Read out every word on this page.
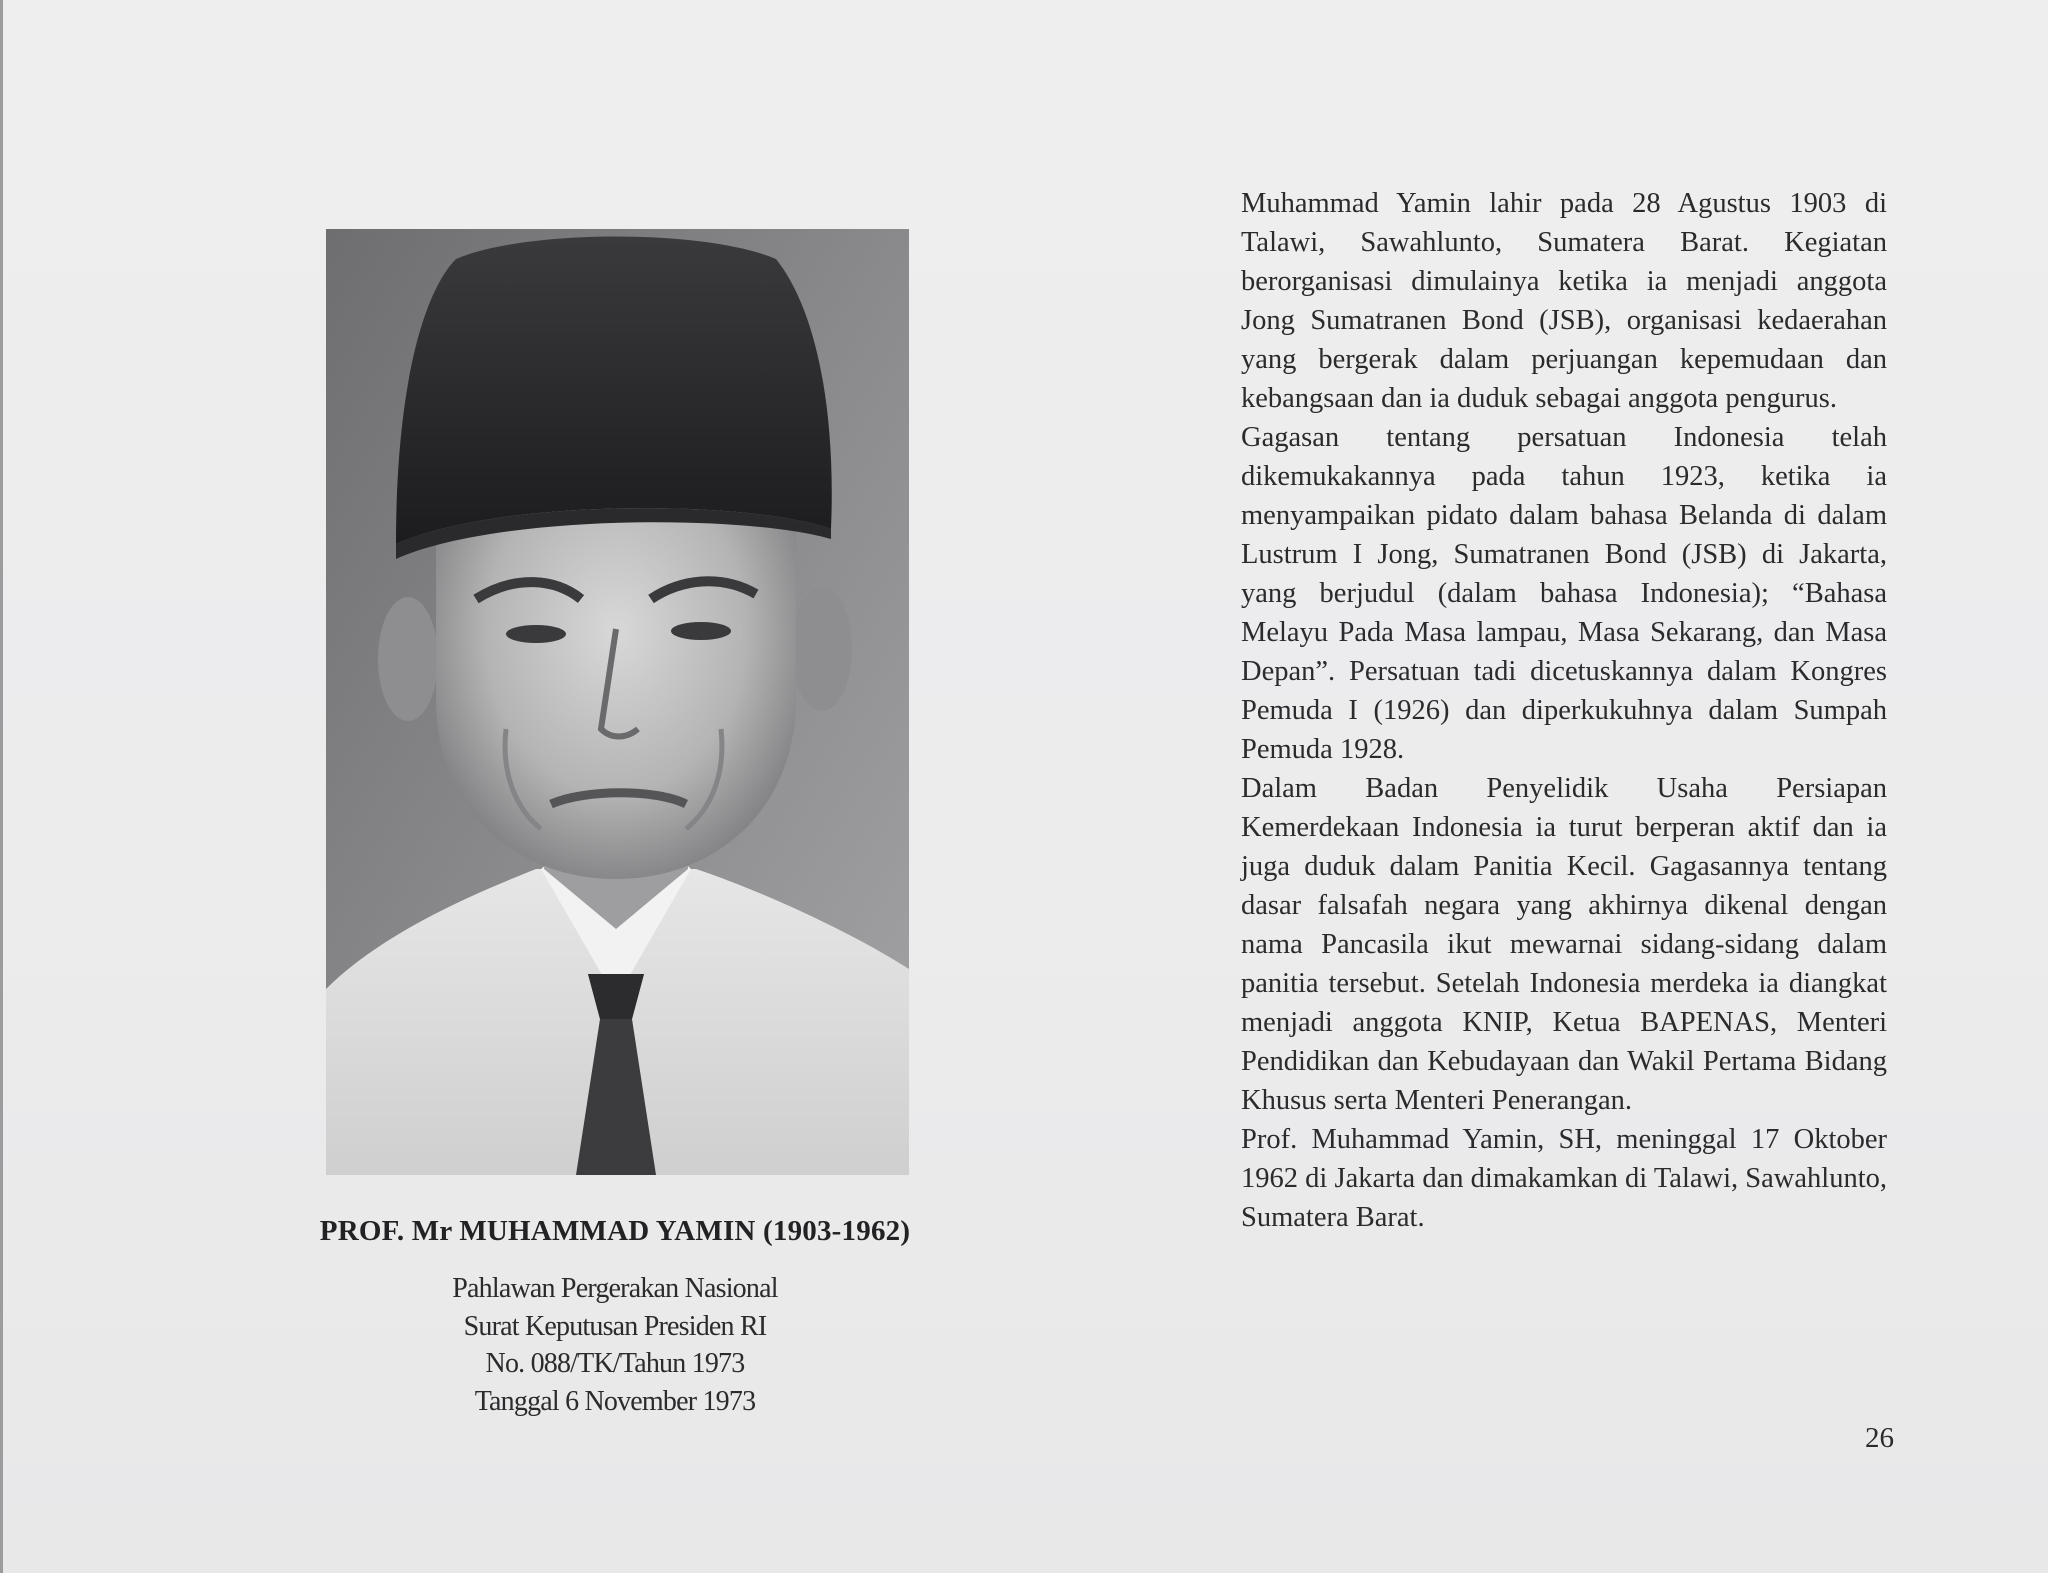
PROF. Mr MUHAMMAD YAMIN (1903-1962)
Pahlawan Pergerakan Nasional
Surat Keputusan Presiden RI
No. 088/TK/Tahun 1973
Tanggal 6 November 1973

Muhammad Yamin lahir pada 28 Agustus 1903 di Talawi, Sawahlunto, Sumatera Barat. Kegiatan berorganisasi dimulainya ketika ia menjadi anggota Jong Sumatranen Bond (JSB), organisasi kedaerahan yang bergerak dalam perjuangan kepemudaan dan kebangsaan dan ia duduk sebagai anggota pengurus.

Gagasan tentang persatuan Indonesia telah dikemukakannya pada tahun 1923, ketika ia menyampaikan pidato dalam bahasa Belanda di dalam Lustrum I Jong, Sumatranen Bond (JSB) di Jakarta, yang berjudul (dalam bahasa Indonesia); “Bahasa Melayu Pada Masa lampau, Masa Sekarang, dan Masa Depan”. Persatuan tadi dicetuskannya dalam Kongres Pemuda I (1926) dan diperkukuhnya dalam Sumpah Pemuda 1928.

Dalam Badan Penyelidik Usaha Persiapan Kemerdekaan Indonesia ia turut berperan aktif dan ia juga duduk dalam Panitia Kecil. Gagasannya tentang dasar falsafah negara yang akhirnya dikenal dengan nama Pancasila ikut mewarnai sidang-sidang dalam panitia tersebut. Setelah Indonesia merdeka ia diangkat menjadi anggota KNIP, Ketua BAPENAS, Menteri Pendidikan dan Kebudayaan dan Wakil Pertama Bidang Khusus serta Menteri Penerangan.

Prof. Muhammad Yamin, SH, meninggal 17 Oktober 1962 di Jakarta dan dimakamkan di Talawi, Sawahlunto, Sumatera Barat.

26
